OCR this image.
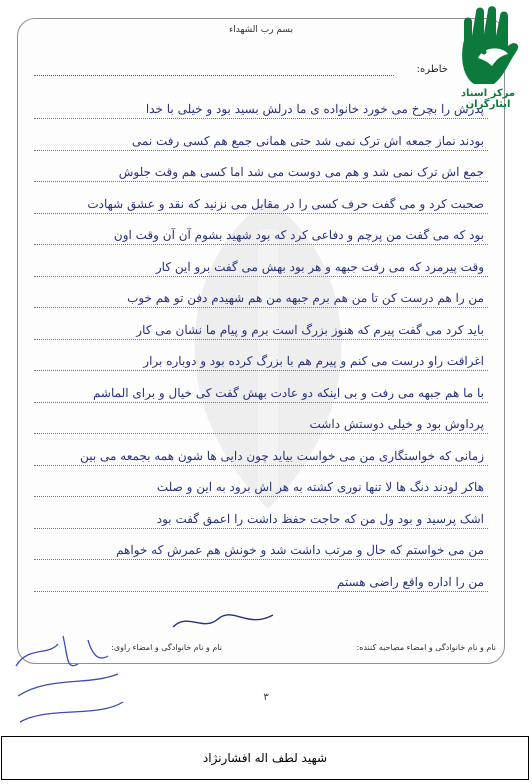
بسم رب الشهداء
خاطره:
پدرش را بچرخ می خورد خانواده ی ما درلش بسید بود و خیلی با خدا
بودند نماز جمعه اش ترک نمی شد حتی همانی جمع هم کسی رفت نمی
جمع اش ترک نمی شد و هم می دوست می شد اما کسی هم وقت جلوش
صحبت کرد و می گفت حرف کسی را در مقابل می نزنید که نقد و عشق شهادت
بود که می گفت من پرچم و دفاعی کرد که بود شهید بشوم آن آن وقت اون
وقت پیرمرد که می رفت جبهه و هر بود بهش می گفت برو این کار
من را هم درست کن تا من هم برم جبهه من هم شهیدم دفن تو هم خوب
باید کرد می گفت پیرم که هنوز بزرگ است برم و پیام ما نشان می کار
اغراقت راو درست می کنم و پیرم هم با بزرگ کرده بود و دوباره برار
با ما هم جبهه می رفت و بی اینکه دو عادت بهش گفت کی خیال و برای الماشم
پرداوش بود و خیلی دوستش داشت
زمانی که خواستگاری من می خواست بیاید چون دایی ها شون همه بجمعه می بین
هاکر لودند دنگ ها لا تنها نوری کشته به هر اش برود به این و صلت
اشک پرسید و بود ول من که حاجت حفظ داشت را اعمق گفت بود
من می خواستم که حال و مرتب داشت شد و خونش هم عمرش که خواهم
من را اداره واقع راضی هستم
نام و نام خانوادگی و امضاء مصاحبه کننده:
نام و نام خانوادگی و امضاء راوی:
۳
مرکز اسناد ایثارگران
شهید لطف اله افشارنژاد
